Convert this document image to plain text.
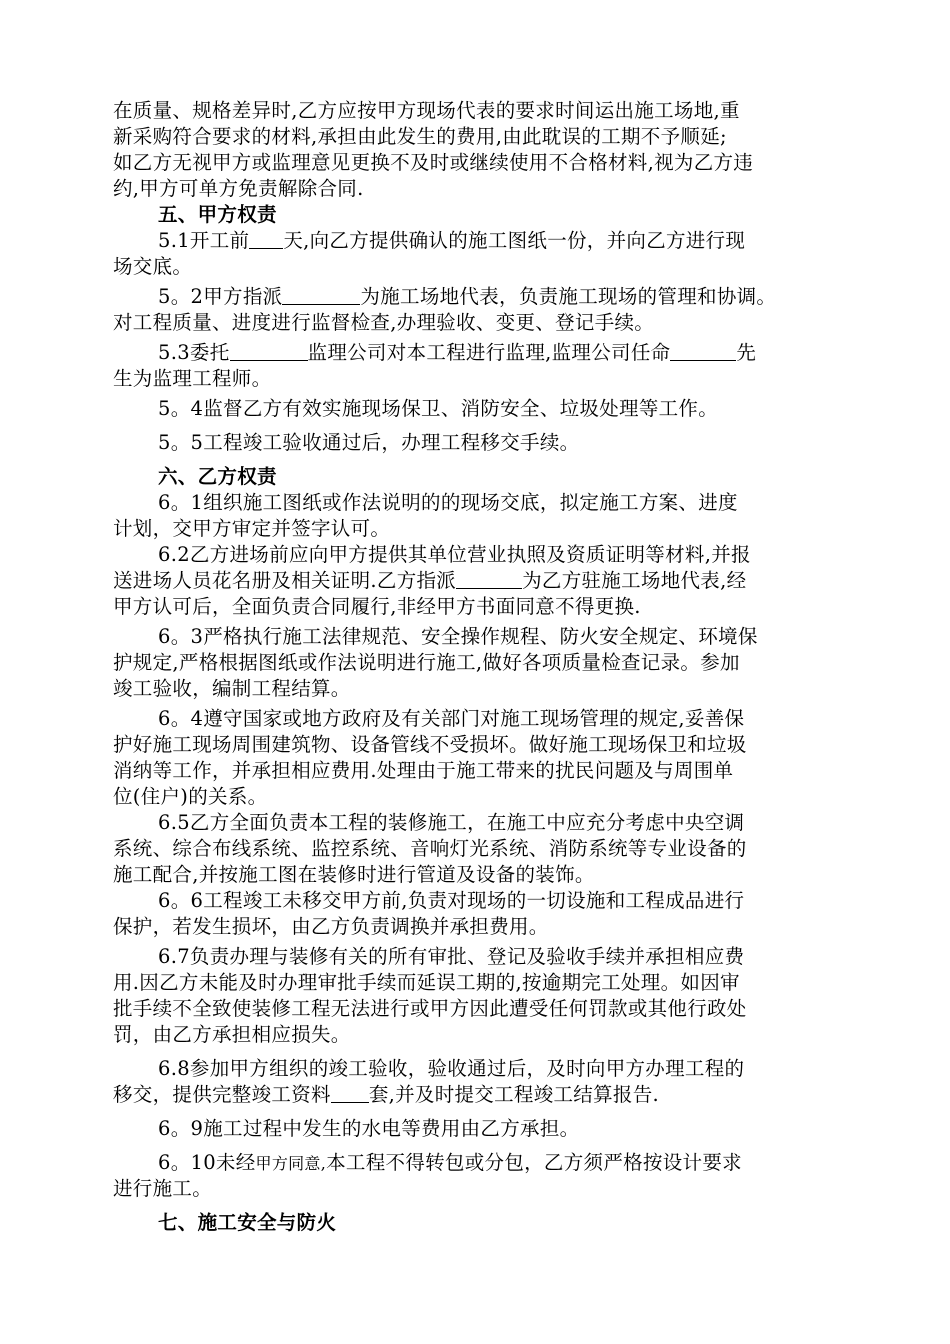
在质量、规格差异时,乙方应按甲方现场代表的要求时间运出施工场地,重
新采购符合要求的材料,承担由此发生的费用,由此耽误的工期不予顺延;
如乙方无视甲方或监理意见更换不及时或继续使用不合格材料,视为乙方违
约,甲方可单方免责解除合同.
五、甲方权责
5.1开工前 天,向乙方提供确认的施工图纸一份，并向乙方进行现
场交底。
5。2甲方指派	为施工场地代表，负责施工现场的管理和协调。
对工程质量、进度进行监督检查,办理验收、变更、登记手续。
5.3委托	监理公司对本工程进行监理,监理公司任命	先
生为监理工程师。
5。4监督乙方有效实施现场保卫、消防安全、垃圾处理等工作。
5。5工程竣工验收通过后，办理工程移交手续。
六、乙方权责
6。1组织施工图纸或作法说明的的现场交底，拟定施工方案、进度
计划，交甲方审定并签字认可。
6.2乙方进场前应向甲方提供其单位营业执照及资质证明等材料,并报
送进场人员花名册及相关证明.乙方指派	为乙方驻施工场地代表,经
甲方认可后，全面负责合同履行,非经甲方书面同意不得更换.
6。3严格执行施工法律规范、安全操作规程、防火安全规定、环境保
护规定,严格根据图纸或作法说明进行施工,做好各项质量检查记录。参加
竣工验收，编制工程结算。
6。4遵守国家或地方政府及有关部门对施工现场管理的规定,妥善保
护好施工现场周围建筑物、设备管线不受损坏。做好施工现场保卫和垃圾
消纳等工作，并承担相应费用.处理由于施工带来的扰民问题及与周围单
位(住户)的关系。
6.5乙方全面负责本工程的装修施工，在施工中应充分考虑中央空调
系统、综合布线系统、监控系统、音响灯光系统、消防系统等专业设备的
施工配合,并按施工图在装修时进行管道及设备的装饰。
6。6工程竣工未移交甲方前,负责对现场的一切设施和工程成品进行
保护，若发生损坏，由乙方负责调换并承担费用。
6.7负责办理与装修有关的所有审批、登记及验收手续并承担相应费
用.因乙方未能及时办理审批手续而延误工期的,按逾期完工处理。如因审
批手续不全致使装修工程无法进行或甲方因此遭受任何罚款或其他行政处
罚，由乙方承担相应损失。
6.8参加甲方组织的竣工验收，验收通过后，及时向甲方办理工程的
移交，提供完整竣工资料 套,并及时提交工程竣工结算报告.
6。9施工过程中发生的水电等费用由乙方承担。
6。10未经甲方同意,本工程不得转包或分包，乙方须严格按设计要求
进行施工。
七、施工安全与防火
